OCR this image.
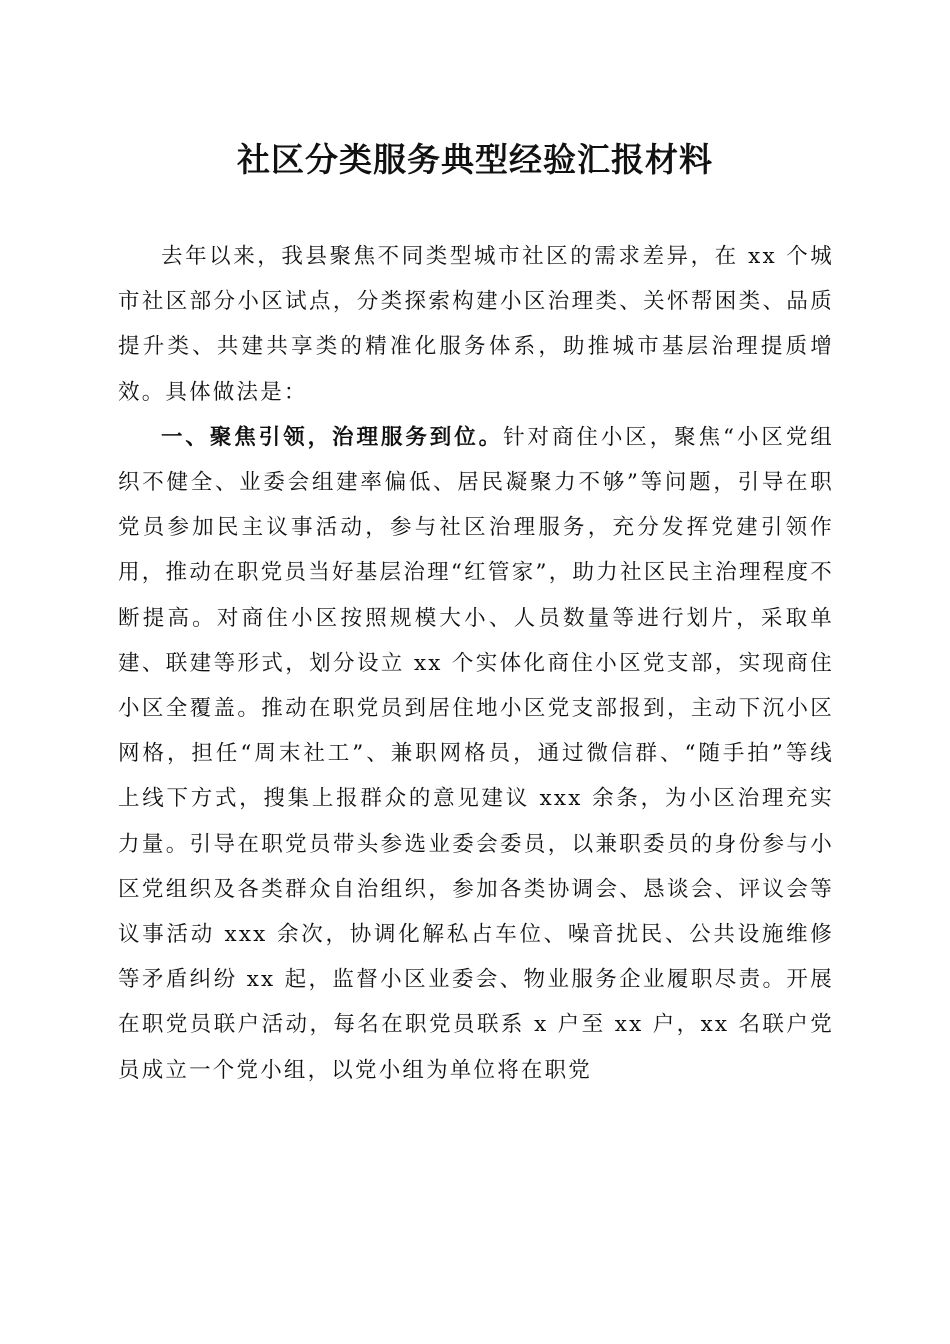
社区分类服务典型经验汇报材料

去年以来，我县聚焦不同类型城市社区的需求差异，在 xx 个城市社区部分小区试点，分类探索构建小区治理类、关怀帮困类、品质提升类、共建共享类的精准化服务体系，助推城市基层治理提质增效。具体做法是：

一、聚焦引领，治理服务到位。针对商住小区，聚焦“小区党组织不健全、业委会组建率偏低、居民凝聚力不够”等问题，引导在职党员参加民主议事活动，参与社区治理服务，充分发挥党建引领作用，推动在职党员当好基层治理“红管家”，助力社区民主治理程度不断提高。对商住小区按照规模大小、人员数量等进行划片，采取单建、联建等形式，划分设立 xx 个实体化商住小区党支部，实现商住小区全覆盖。推动在职党员到居住地小区党支部报到，主动下沉小区网格，担任“周末社工”、兼职网格员，通过微信群、“随手拍”等线上线下方式，搜集上报群众的意见建议 xxx 余条，为小区治理充实力量。引导在职党员带头参选业委会委员，以兼职委员的身份参与小区党组织及各类群众自治组织，参加各类协调会、恳谈会、评议会等议事活动 xxx 余次，协调化解私占车位、噪音扰民、公共设施维修等矛盾纠纷 xx 起，监督小区业委会、物业服务企业履职尽责。开展在职党员联户活动，每名在职党员联系 x 户至 xx 户，xx 名联户党员成立一个党小组，以党小组为单位将在职党
